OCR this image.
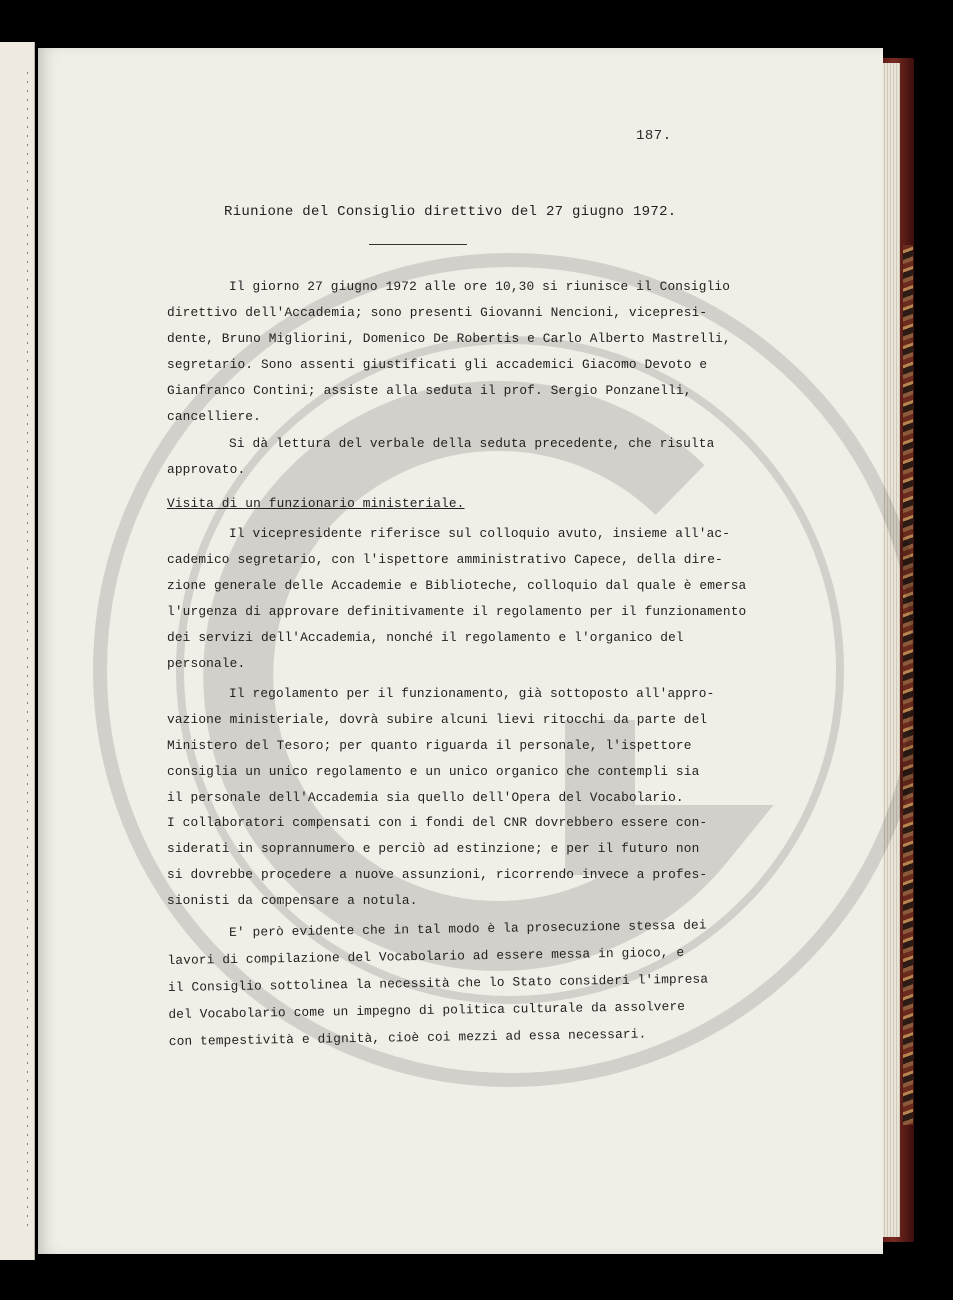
187.
Riunione del Consiglio direttivo del 27 giugno 1972.
Il giorno 27 giugno 1972 alle ore 10,30 si riunisce il Consiglio
direttivo dell'Accademia; sono presenti Giovanni Nencioni, vicepresi-
dente, Bruno Migliorini, Domenico De Robertis e Carlo Alberto Mastrelli,
segretario. Sono assenti giustificati gli accademici Giacomo Devoto e
Gianfranco Contini; assiste alla seduta il prof. Sergio Ponzanelli,
cancelliere.
Si dà lettura del verbale della seduta precedente, che risulta
approvato.
Visita di un funzionario ministeriale.
Il vicepresidente riferisce sul colloquio avuto, insieme all'ac-
cademico segretario, con l'ispettore amministrativo Capece, della dire-
zione generale delle Accademie e Biblioteche, colloquio dal quale è emersa
l'urgenza di approvare definitivamente il regolamento per il funzionamento
dei servizi dell'Accademia, nonché il regolamento e l'organico del
personale.
Il regolamento per il funzionamento, già sottoposto all'appro-
vazione ministeriale, dovrà subire alcuni lievi ritocchi da parte del
Ministero del Tesoro; per quanto riguarda il personale, l'ispettore
consiglia un unico regolamento e un unico organico che contempli sia
il personale dell'Accademia sia quello dell'Opera del Vocabolario.
I collaboratori compensati con i fondi del CNR dovrebbero essere con-
siderati in soprannumero e perciò ad estinzione; e per il futuro non
si dovrebbe procedere a nuove assunzioni, ricorrendo invece a profes-
sionisti da compensare a notula.
E' però evidente che in tal modo è la prosecuzione stessa dei
lavori di compilazione del Vocabolario ad essere messa in gioco, e
il Consiglio sottolinea la necessità che lo Stato consideri l'impresa
del Vocabolario come un impegno di politica culturale da assolvere
con tempestività e dignità, cioè coi mezzi ad essa necessari.
